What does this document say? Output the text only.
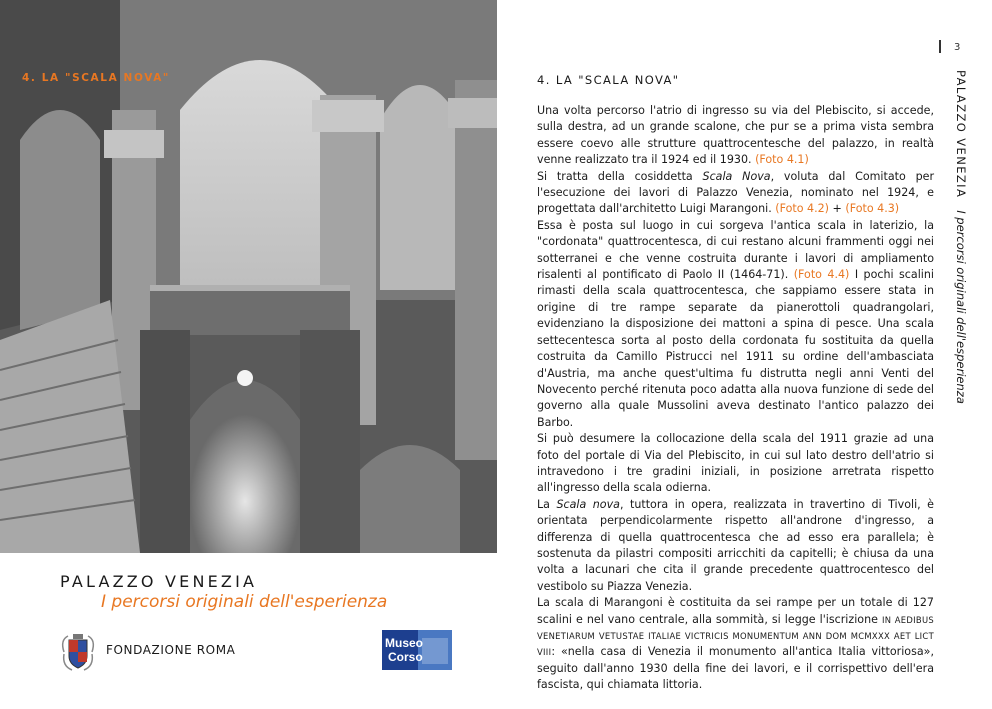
4. LA "SCALA NOVA"
PALAZZO VENEZIA
I percorsi originali dell'esperienza
FONDAZIONE ROMA	Museo
Corso
3
PALAZZO VENEZIAI percorsi originali dell'esperienza
4. LA "SCALA NOVA"

Una volta percorso l'atrio di ingresso su via del Plebiscito, si accede, sulla destra, ad un grande scalone, che pur se a prima vista sembra essere coevo alle strutture quattrocentesche del palazzo, in realtà venne realizzato tra il 1924 ed il 1930. (Foto 4.1)

Si tratta della cosiddetta Scala Nova, voluta dal Comitato per l'esecuzione dei lavori di Palazzo Venezia, nominato nel 1924, e progettata dall'architetto Luigi Marangoni. (Foto 4.2) + (Foto 4.3)

Essa è posta sul luogo in cui sorgeva l'antica scala in laterizio, la "cordonata" quattrocentesca, di cui restano alcuni frammenti oggi nei sotterranei e che venne costruita durante i lavori di ampliamento risalenti al pontificato di Paolo II (1464-71). (Foto 4.4) I pochi scalini rimasti della scala quattrocentesca, che sappiamo essere stata in origine di tre rampe separate da pianerottoli quadrangolari, evidenziano la disposizione dei mattoni a spina di pesce. Una scala settecentesca sorta al posto della cordonata fu sostituita da quella costruita da Camillo Pistrucci nel 1911 su ordine dell'ambasciata d'Austria, ma anche quest'ultima fu distrutta negli anni Venti del Novecento perché ritenuta poco adatta alla nuova funzione di sede del governo alla quale Mussolini aveva destinato l'antico palazzo dei Barbo.

Si può desumere la collocazione della scala del 1911 grazie ad una foto del portale di Via del Plebiscito, in cui sul lato destro dell'atrio si intravedono i tre gradini iniziali, in posizione arretrata rispetto all'ingresso della scala odierna.

La Scala nova, tuttora in opera, realizzata in travertino di Tivoli, è orientata perpendicolarmente rispetto all'androne d'ingresso, a differenza di quella quattrocentesca che ad esso era parallela; è sostenuta da pilastri compositi arricchiti da capitelli; è chiusa da una volta a lacunari che cita il grande precedente quattrocentesco del vestibolo su Piazza Venezia.

La scala di Marangoni è costituita da sei rampe per un totale di 127 scalini e nel vano centrale, alla sommità, si legge l'iscrizione IN AEDIBUS VENETIARUM VETUSTAE ITALIAE VICTRICIS MONUMENTUM ANN DOM MCMXXX AET LICT VIII: «nella casa di Venezia il monumento all'antica Italia vittoriosa», seguito dall'anno 1930 della fine dei lavori, e il corrispettivo dell'era fascista, qui chiamata littoria.
